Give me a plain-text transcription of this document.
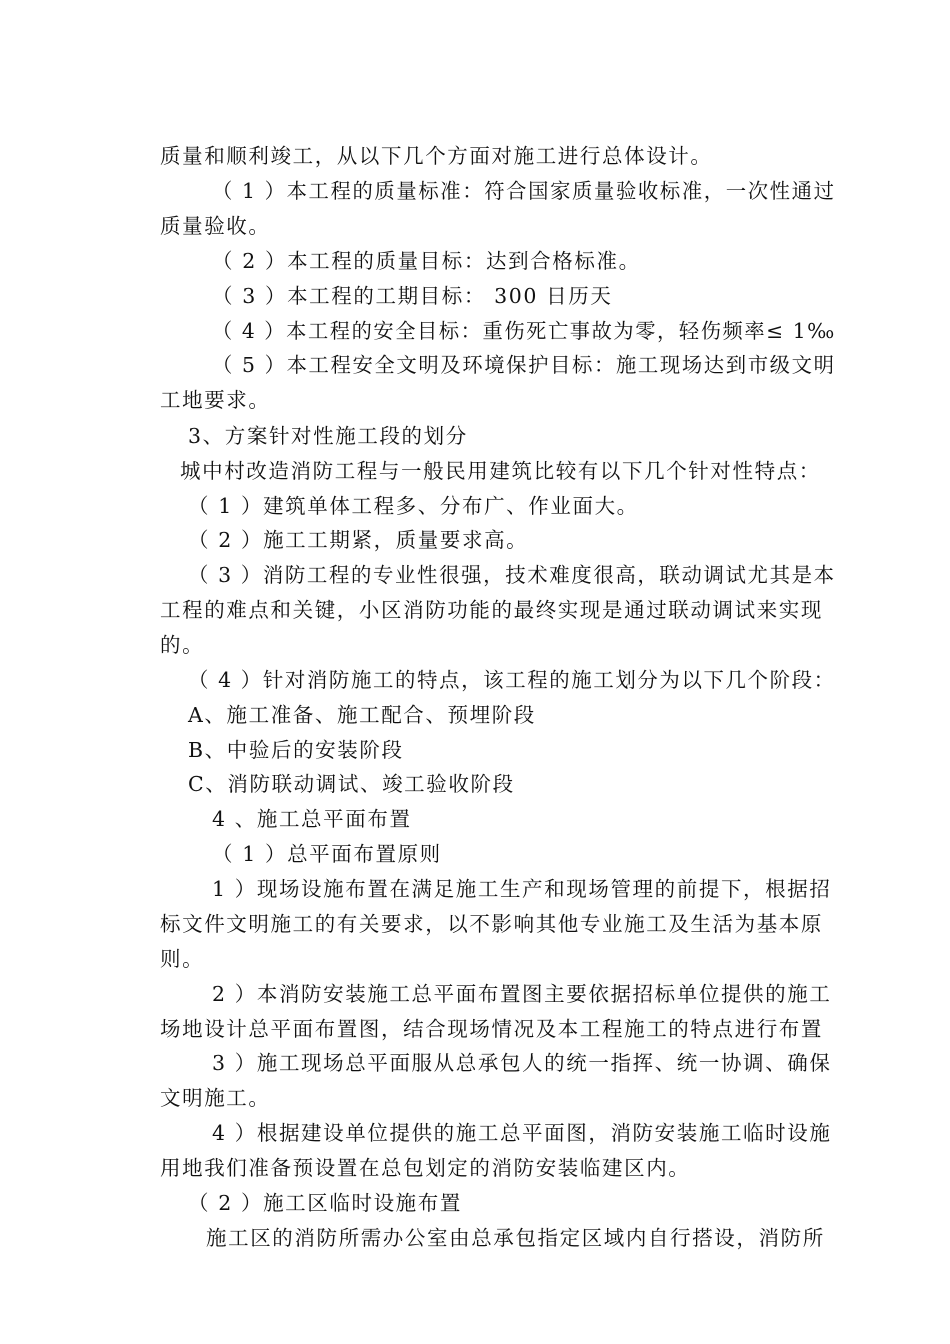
质量和顺利竣工，从以下几个方面对施工进行总体设计。
（ 1 ）本工程的质量标准：符合国家质量验收标准，一次性通过
质量验收。
（ 2 ）本工程的质量目标：达到合格标准。
（ 3 ）本工程的工期目标： 300 日历天
（ 4 ）本工程的安全目标：重伤死亡事故为零，轻伤频率≤ 1‰
（ 5 ）本工程安全文明及环境保护目标：施工现场达到市级文明
工地要求。
3、方案针对性施工段的划分
城中村改造消防工程与一般民用建筑比较有以下几个针对性特点：
（ 1 ）建筑单体工程多、分布广、作业面大。
（ 2 ）施工工期紧，质量要求高。
（ 3 ）消防工程的专业性很强，技术难度很高，联动调试尤其是本
工程的难点和关键，小区消防功能的最终实现是通过联动调试来实现
的。
（ 4 ）针对消防施工的特点，该工程的施工划分为以下几个阶段：
A、施工准备、施工配合、预埋阶段
B、中验后的安装阶段
C、消防联动调试、竣工验收阶段
4 、施工总平面布置
（ 1 ）总平面布置原则
1 ）现场设施布置在满足施工生产和现场管理的前提下，根据招
标文件文明施工的有关要求，以不影响其他专业施工及生活为基本原
则。
2 ）本消防安装施工总平面布置图主要依据招标单位提供的施工
场地设计总平面布置图，结合现场情况及本工程施工的特点进行布置
3 ）施工现场总平面服从总承包人的统一指挥、统一协调、确保
文明施工。
4 ）根据建设单位提供的施工总平面图，消防安装施工临时设施
用地我们准备预设置在总包划定的消防安装临建区内。
（ 2 ）施工区临时设施布置
施工区的消防所需办公室由总承包指定区域内自行搭设，消防所
